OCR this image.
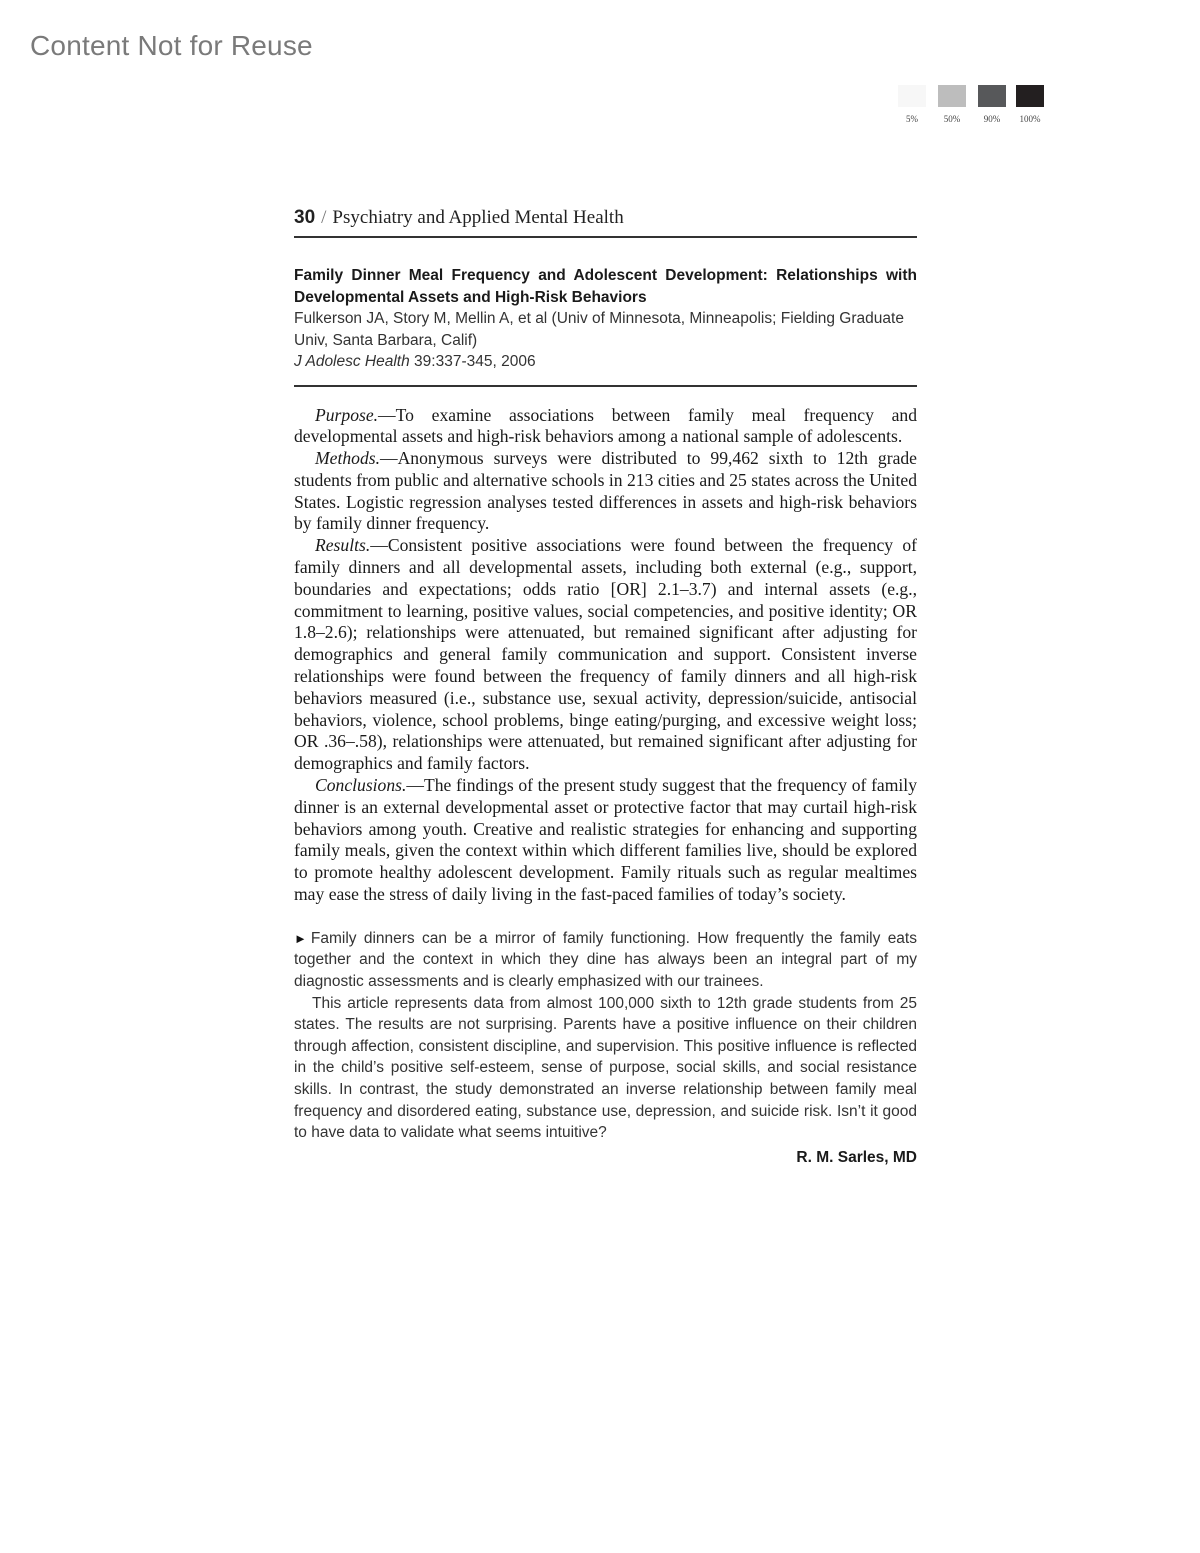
Content Not for Reuse
5%	50%	90%	100%
30 / Psychiatry and Applied Mental Health
Family Dinner Meal Frequency and Adolescent Development: Relationships with Developmental Assets and High-Risk Behaviors
Fulkerson JA, Story M, Mellin A, et al (Univ of Minnesota, Minneapolis; Fielding Graduate Univ, Santa Barbara, Calif)
J Adolesc Health 39:337-345, 2006

Purpose.—To examine associations between family meal frequency and developmental assets and high-risk behaviors among a national sample of adolescents.

Methods.—Anonymous surveys were distributed to 99,462 sixth to 12th grade students from public and alternative schools in 213 cities and 25 states across the United States. Logistic regression analyses tested differences in assets and high-risk behaviors by family dinner frequency.

Results.—Consistent positive associations were found between the frequency of family dinners and all developmental assets, including both external (e.g., support, boundaries and expectations; odds ratio [OR] 2.1–3.7) and internal assets (e.g., commitment to learning, positive values, social competencies, and positive identity; OR 1.8–2.6); relationships were attenuated, but remained significant after adjusting for demographics and general family communication and support. Consistent inverse relationships were found between the frequency of family dinners and all high-risk behaviors measured (i.e., substance use, sexual activity, depression/suicide, antisocial behaviors, violence, school problems, binge eating/purging, and excessive weight loss; OR .36–.58), relationships were attenuated, but remained significant after adjusting for demographics and family factors.

Conclusions.—The findings of the present study suggest that the frequency of family dinner is an external developmental asset or protective factor that may curtail high-risk behaviors among youth. Creative and realistic strategies for enhancing and supporting family meals, given the context within which different families live, should be explored to promote healthy adolescent development. Family rituals such as regular mealtimes may ease the stress of daily living in the fast-paced families of today’s society.

► Family dinners can be a mirror of family functioning. How frequently the family eats together and the context in which they dine has always been an integral part of my diagnostic assessments and is clearly emphasized with our trainees.

This article represents data from almost 100,000 sixth to 12th grade students from 25 states. The results are not surprising. Parents have a positive influence on their children through affection, consistent discipline, and supervision. This positive influence is reflected in the child’s positive self-esteem, sense of purpose, social skills, and social resistance skills. In contrast, the study demonstrated an inverse relationship between family meal frequency and disordered eating, substance use, depression, and suicide risk. Isn’t it good to have data to validate what seems intuitive?

R. M. Sarles, MD
